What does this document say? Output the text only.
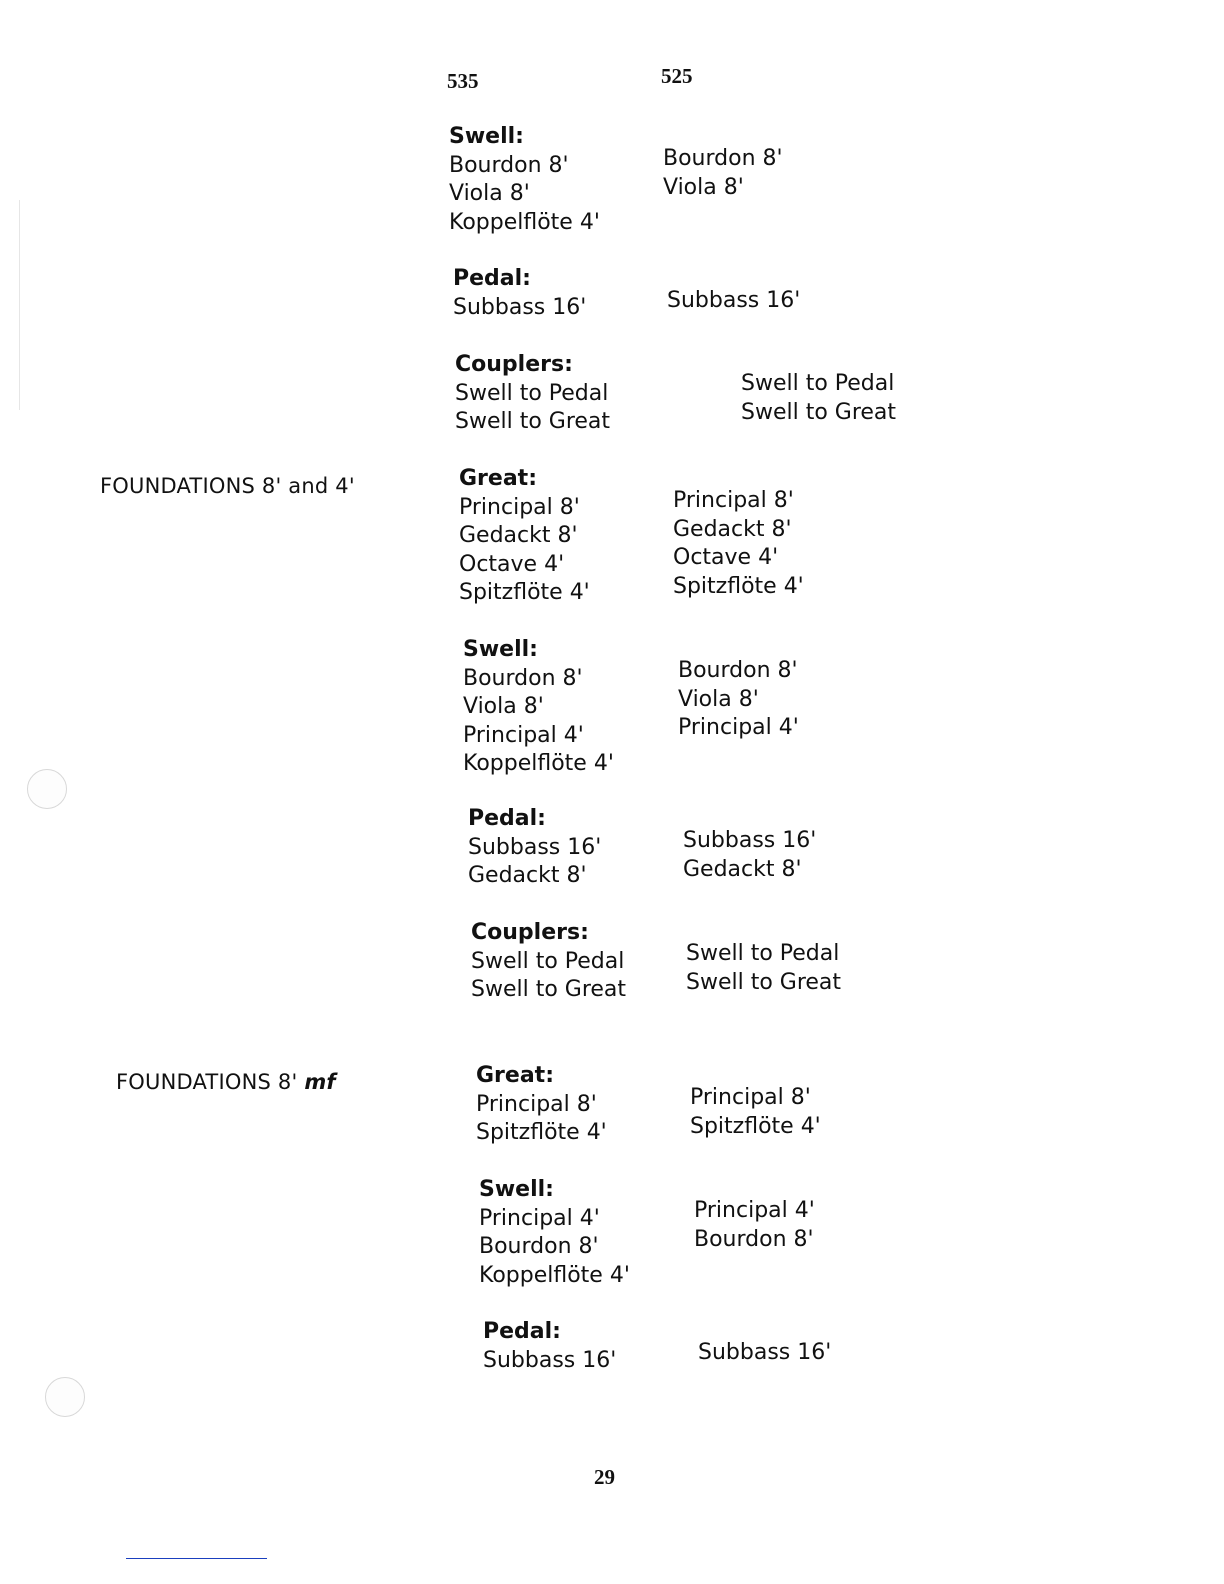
535	525
FOUNDATIONS 8' and 4'
FOUNDATIONS 8' mf
Swell:
Bourdon 8'
Viola 8'
Koppelflöte 4'
Pedal:
Subbass 16'
Couplers:
Swell to Pedal
Swell to Great
Great:
Principal 8'
Gedackt 8'
Octave 4'
Spitzflöte 4'
Swell:
Bourdon 8'
Viola 8'
Principal 4'
Koppelflöte 4'
Pedal:
Subbass 16'
Gedackt 8'
Couplers:
Swell to Pedal
Swell to Great
Great:
Principal 8'
Spitzflöte 4'
Swell:
Principal 4'
Bourdon 8'
Koppelflöte 4'
Pedal:
Subbass 16'
Bourdon 8'
Viola 8'
Subbass 16'
Swell to Pedal
Swell to Great
Principal 8'
Gedackt 8'
Octave 4'
Spitzflöte 4'
Bourdon 8'
Viola 8'
Principal 4'
Subbass 16'
Gedackt 8'
Swell to Pedal
Swell to Great
Principal 8'
Spitzflöte 4'
Principal 4'
Bourdon 8'
Subbass 16'
29
